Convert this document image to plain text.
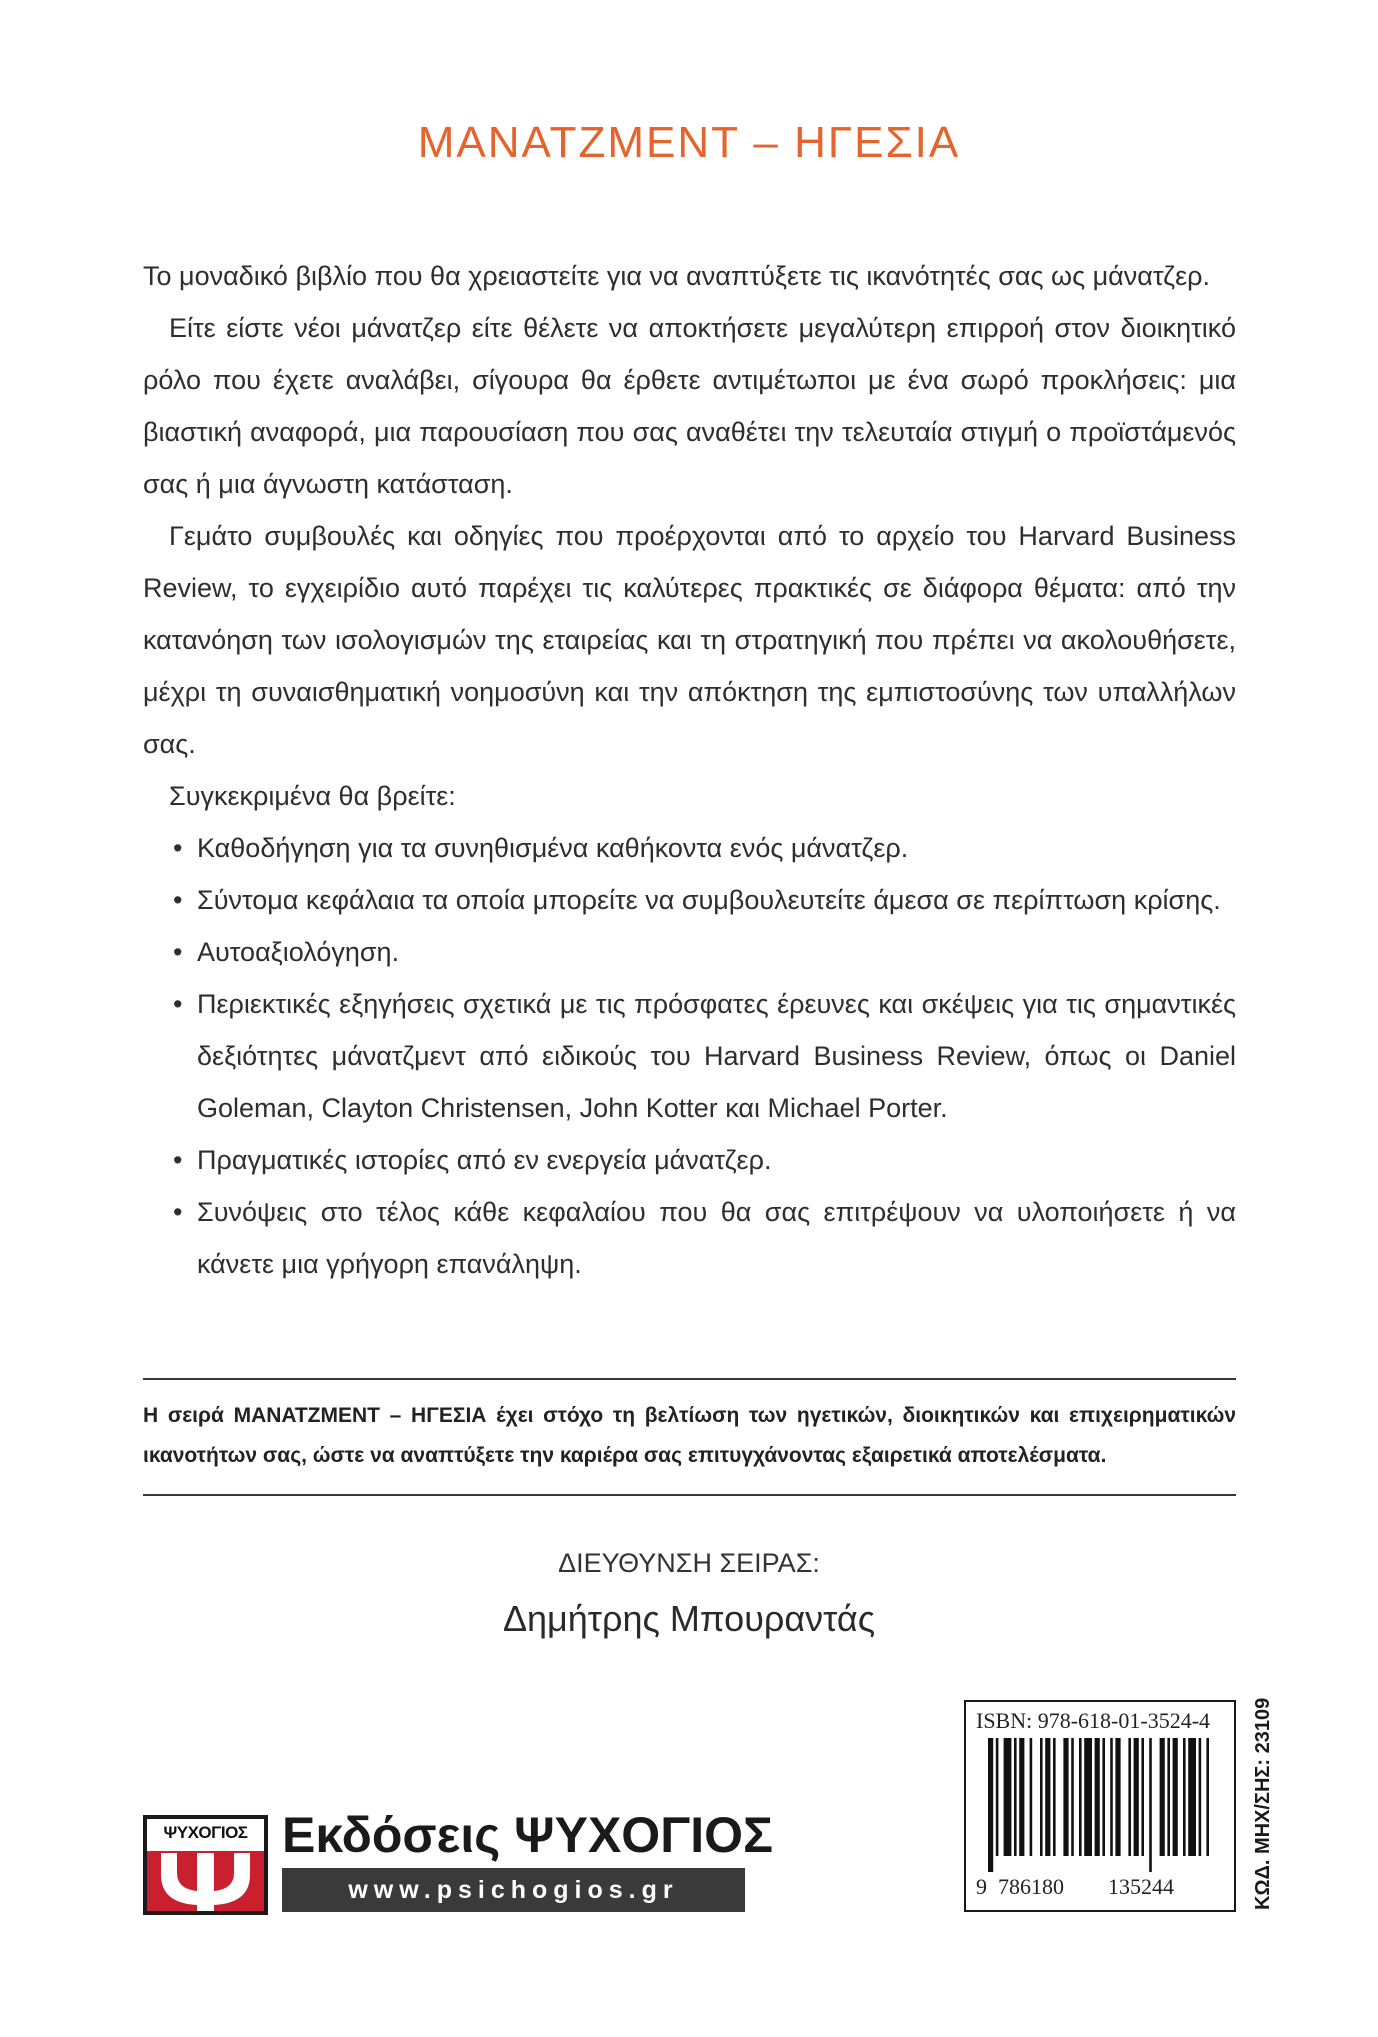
ΜΑΝΑΤΖΜΕΝΤ – ΗΓΕΣΙΑ

Το μοναδικό βιβλίο που θα χρειαστείτε για να αναπτύξετε τις ικανότητές σας ως μάνατζερ.

Είτε είστε νέοι μάνατζερ είτε θέλετε να αποκτήσετε μεγαλύτερη επιρροή στον διοικητικό ρόλο που έχετε αναλάβει, σίγουρα θα έρθετε αντιμέτωποι με ένα σωρό προκλήσεις: μια βιαστική αναφορά, μια παρουσίαση που σας αναθέτει την τελευταία στιγμή ο προϊστάμενός σας ή μια άγνωστη κατάσταση.

Γεμάτο συμβουλές και οδηγίες που προέρχονται από το αρχείο του Harvard Business Review, το εγχειρίδιο αυτό παρέχει τις καλύτερες πρακτικές σε διάφορα θέματα: από την κατανόηση των ισολογισμών της εταιρείας και τη στρατηγική που πρέπει να ακολουθήσετε, μέχρι τη συναισθηματική νοημοσύνη και την απόκτηση της εμπιστοσύνης των υπαλλήλων σας.

Συγκεκριμένα θα βρείτε:

• Καθοδήγηση για τα συνηθισμένα καθήκοντα ενός μάνατζερ.
• Σύντομα κεφάλαια τα οποία μπορείτε να συμβουλευτείτε άμεσα σε περίπτωση κρίσης.
• Αυτοαξιολόγηση.
• Περιεκτικές εξηγήσεις σχετικά με τις πρόσφατες έρευνες και σκέψεις για τις σημαντικές δεξιότητες μάνατζμεντ από ειδικούς του Harvard Business Review, όπως οι Daniel Goleman, Clayton Christensen, John Kotter και Michael Porter.
• Πραγματικές ιστορίες από εν ενεργεία μάνατζερ.
• Συνόψεις στο τέλος κάθε κεφαλαίου που θα σας επιτρέψουν να υλοποιήσετε ή να κάνετε μια γρήγορη επανάληψη.
Η σειρά ΜΑΝΑΤΖΜΕΝΤ – ΗΓΕΣΙΑ έχει στόχο τη βελτίωση των ηγετικών, διοικητικών και επιχειρηματικών ικανοτήτων σας, ώστε να αναπτύξετε την καριέρα σας επιτυγχάνοντας εξαιρετικά αποτελέσματα.
ΔΙΕΥΘΥΝΣΗ ΣΕΙΡΑΣ:
Δημήτρης Μπουραντάς
ΨΥΧΟΓΙΟΣ Εκδόσεις ΨΥΧΟΓΙΟΣ
www.psichogios.gr
ISBN: 978-618-01-3524-4
9 786180 135244	ΚΩΔ. ΜΗΧ/ΣΗΣ: 23109
